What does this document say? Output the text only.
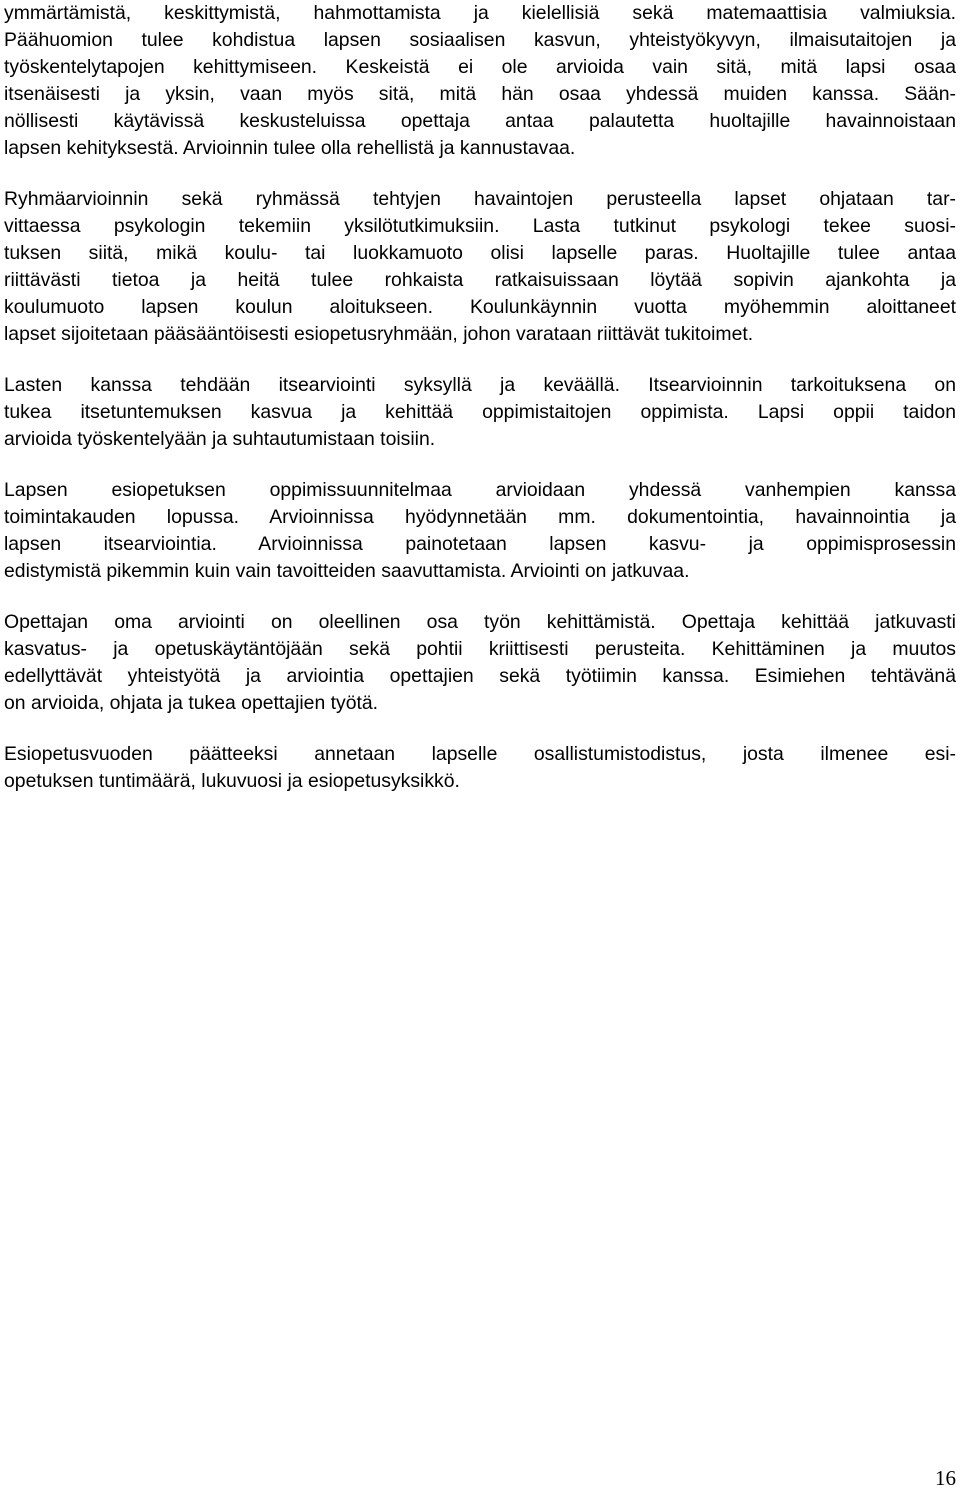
ymmärtämistä, keskittymistä, hahmottamista ja kielellisiä sekä matemaattisia valmiuksia.
Päähuomion tulee kohdistua lapsen sosiaalisen kasvun, yhteistyökyvyn, ilmaisutaitojen ja
työskentelytapojen kehittymiseen. Keskeistä ei ole arvioida vain sitä, mitä lapsi osaa
itsenäisesti ja yksin, vaan myös sitä, mitä hän osaa yhdessä muiden kanssa. Sään-
nöllisesti käytävissä keskusteluissa opettaja antaa palautetta huoltajille havainnoistaan
lapsen kehityksestä. Arvioinnin tulee olla rehellistä ja kannustavaa.

Ryhmäarvioinnin sekä ryhmässä tehtyjen havaintojen perusteella lapset ohjataan tar-
vittaessa psykologin tekemiin yksilötutkimuksiin. Lasta tutkinut psykologi tekee suosi-
tuksen siitä, mikä koulu- tai luokkamuoto olisi lapselle paras. Huoltajille tulee antaa
riittävästi tietoa ja heitä tulee rohkaista ratkaisuissaan löytää sopivin ajankohta ja
koulumuoto lapsen koulun aloitukseen. Koulunkäynnin vuotta myöhemmin aloittaneet
lapset sijoitetaan pääsääntöisesti esiopetusryhmään, johon varataan riittävät tukitoimet.

Lasten kanssa tehdään itsearviointi syksyllä ja keväällä. Itsearvioinnin tarkoituksena on
tukea itsetuntemuksen kasvua ja kehittää oppimistaitojen oppimista. Lapsi oppii taidon
arvioida työskentelyään ja suhtautumistaan toisiin.

Lapsen esiopetuksen oppimissuunnitelmaa arvioidaan yhdessä vanhempien kanssa
toimintakauden lopussa. Arvioinnissa hyödynnetään mm. dokumentointia, havainnointia ja
lapsen itsearviointia. Arvioinnissa painotetaan lapsen kasvu- ja oppimisprosessin
edistymistä pikemmin kuin vain tavoitteiden saavuttamista. Arviointi on jatkuvaa.

Opettajan oma arviointi on oleellinen osa työn kehittämistä. Opettaja kehittää jatkuvasti
kasvatus- ja opetuskäytäntöjään sekä pohtii kriittisesti perusteita. Kehittäminen ja muutos
edellyttävät yhteistyötä ja arviointia opettajien sekä työtiimin kanssa. Esimiehen tehtävänä
on arvioida, ohjata ja tukea opettajien työtä.

Esiopetusvuoden päätteeksi annetaan lapselle osallistumistodistus, josta ilmenee esi-
opetuksen tuntimäärä, lukuvuosi ja esiopetusyksikkö.

16
